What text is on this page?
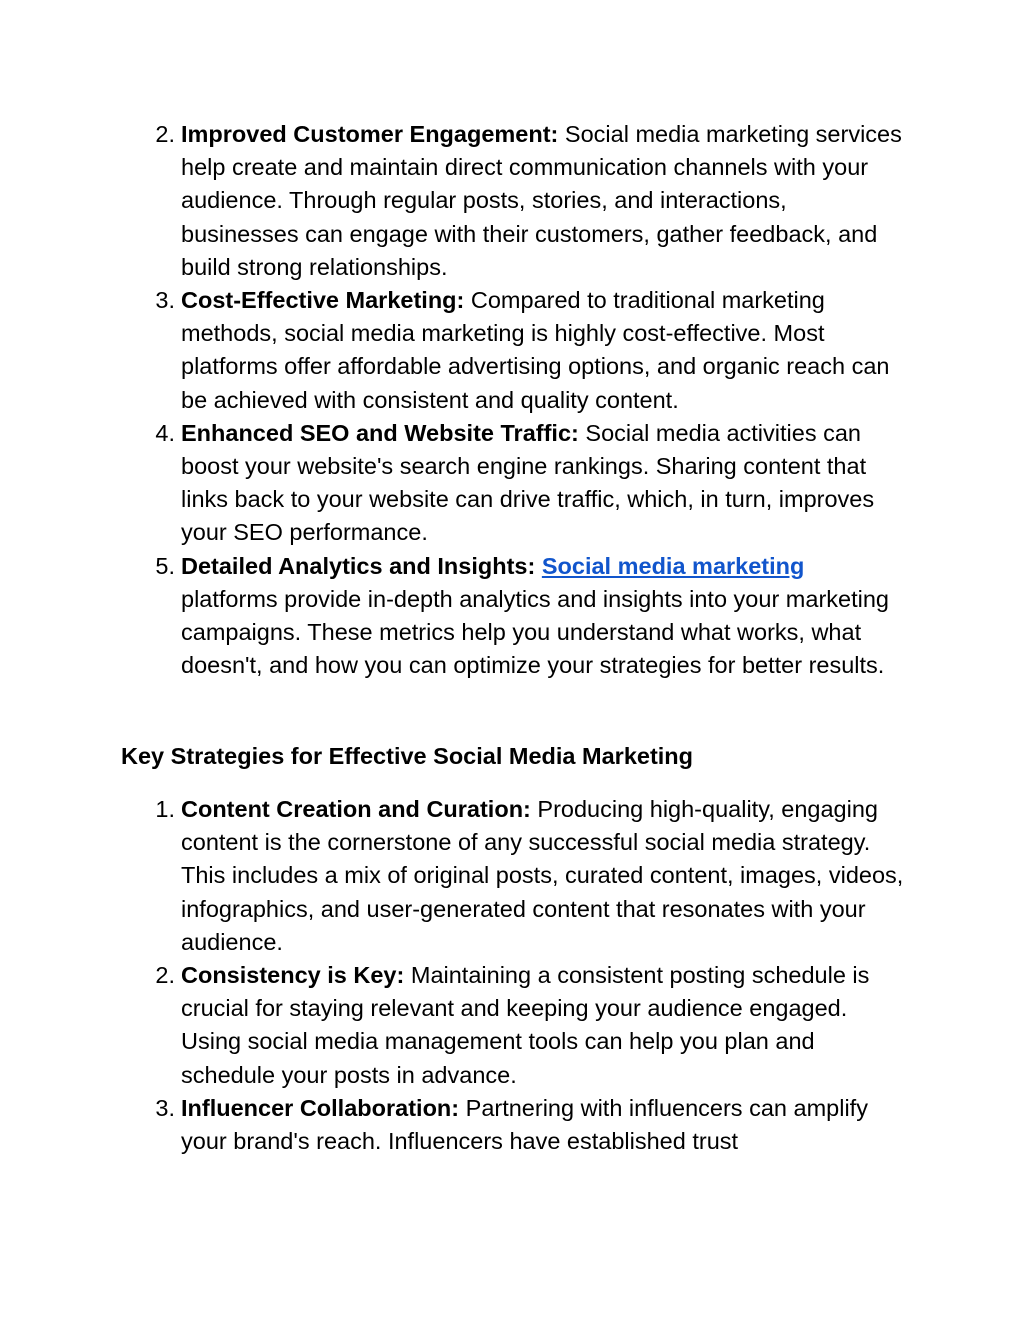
2. Improved Customer Engagement: Social media marketing services help create and maintain direct communication channels with your audience. Through regular posts, stories, and interactions, businesses can engage with their customers, gather feedback, and build strong relationships.
3. Cost-Effective Marketing: Compared to traditional marketing methods, social media marketing is highly cost-effective. Most platforms offer affordable advertising options, and organic reach can be achieved with consistent and quality content.
4. Enhanced SEO and Website Traffic: Social media activities can boost your website's search engine rankings. Sharing content that links back to your website can drive traffic, which, in turn, improves your SEO performance.
5. Detailed Analytics and Insights: Social media marketing platforms provide in-depth analytics and insights into your marketing campaigns. These metrics help you understand what works, what doesn't, and how you can optimize your strategies for better results.
Key Strategies for Effective Social Media Marketing
1. Content Creation and Curation: Producing high-quality, engaging content is the cornerstone of any successful social media strategy. This includes a mix of original posts, curated content, images, videos, infographics, and user-generated content that resonates with your audience.
2. Consistency is Key: Maintaining a consistent posting schedule is crucial for staying relevant and keeping your audience engaged. Using social media management tools can help you plan and schedule your posts in advance.
3. Influencer Collaboration: Partnering with influencers can amplify your brand's reach. Influencers have established trust
